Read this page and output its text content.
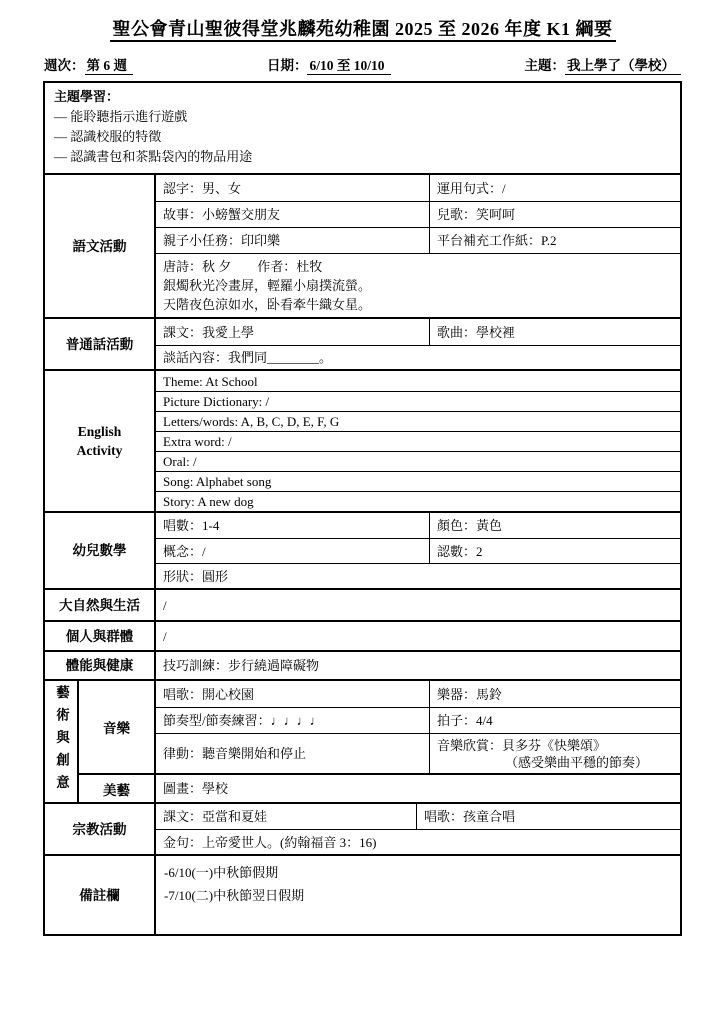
聖公會青山聖彼得堂兆麟苑幼稚園 2025 至 2026 年度 K1 綱要
週次： 第 6 週	日期： 6/10 至 10/10	主題： 我上學了（學校）
主題學習：
— 能聆聽指示進行遊戲
— 認識校服的特徵
— 認識書包和茶點袋內的物品用途
語文活動
認字：男、女	運用句式：/
故事：小螃蟹交朋友	兒歌：笑呵呵
親子小任務：印印樂	平台補充工作紙：P.2
唐詩：秋 夕　　作者：杜牧
銀燭秋光冷畫屏，輕羅小扇撲流螢。
天階夜色涼如水，卧看牽牛織女星。
普通話活動
課文：我愛上學	歌曲：學校裡
談話內容：我們同________。
English
Activity
Theme: At School
Picture Dictionary: /
Letters/words: A, B, C, D, E, F, G
Extra word: /
Oral: /
Song: Alphabet song
Story: A new dog
幼兒數學
唱數：1-4	顏色：黃色
概念：/	認數：2
形狀：圓形
大自然與生活	/
個人與群體	/
體能與健康	技巧訓練：步行繞過障礙物
藝術與創意	音樂
唱歌：開心校園	樂器：馬鈴
節奏型/節奏練習：♩♩♩♩	拍子：4/4
律動：聽音樂開始和停止
音樂欣賞：貝多芬《快樂頌》
（感受樂曲平穩的節奏）
美藝	圖畫：學校
宗教活動
課文：亞當和夏娃	唱歌：孩童合唱
金句：上帝愛世人。(約翰福音 3：16)
備註欄
-6/10(一)中秋節假期
-7/10(二)中秋節翌日假期
